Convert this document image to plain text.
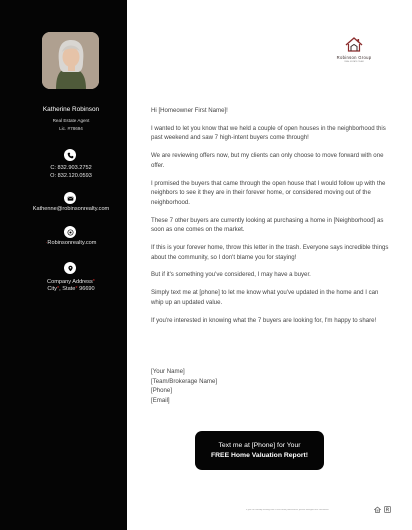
Katherine Robinson
Real Estate Agent
Lic. #78694
C: 832.903.2752
O: 832.120.0593
Kathenne@robinsonrealty.com
·Robinsonrealty.com
Company Address*
City*, State* 96690
Robinson Group
REAL ESTATE TEAM

Hi [Homeowner First Name]!

I wanted to let you know that we held a couple of open houses in the neighborhood this past weekend and saw 7 high-intent buyers come through!

We are reviewing offers now, but my clients can only choose to move forward with one offer.

I promised the buyers that came through the open house that I would follow up with the neighbors to see it they are in their forever home, or considered moving out of the neighborhood.

These 7 other buyers are currently looking at purchasing a home in [Neighborhood] as soon as one comes on the market.

If this is your forever home, throw this letter in the trash. Everyone says incredible things about the community, so I don't blame you for staying!

But if it's something you've considered, I may have a buyer.

Simply text me at [phone] to let me know what you've updated in the home and I can whip up an updated value.

If you're interested in knowing what the 7 buyers are looking for, I'm happy to share!

[Your Name]
[Team/Brokerage Name]
[Phone]
[Email]
Text me at [Phone] for Your
FREE Home Valuation Report!
If you are already working with a real estate professional, please disregard this solicitation.
